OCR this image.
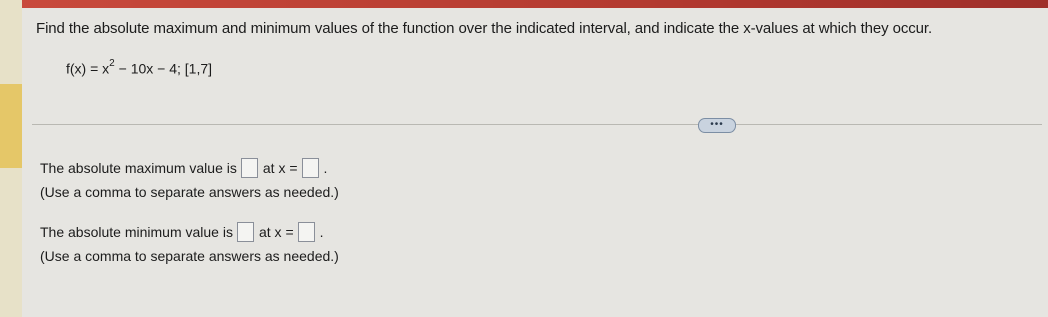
Find the absolute maximum and minimum values of the function over the indicated interval, and indicate the x-values at which they occur.
$f(x) = x^2 - 10x - 4$; [1,7]
•••
The absolute maximum value is at x = .
(Use a comma to separate answers as needed.)
The absolute minimum value is at x = .
(Use a comma to separate answers as needed.)
